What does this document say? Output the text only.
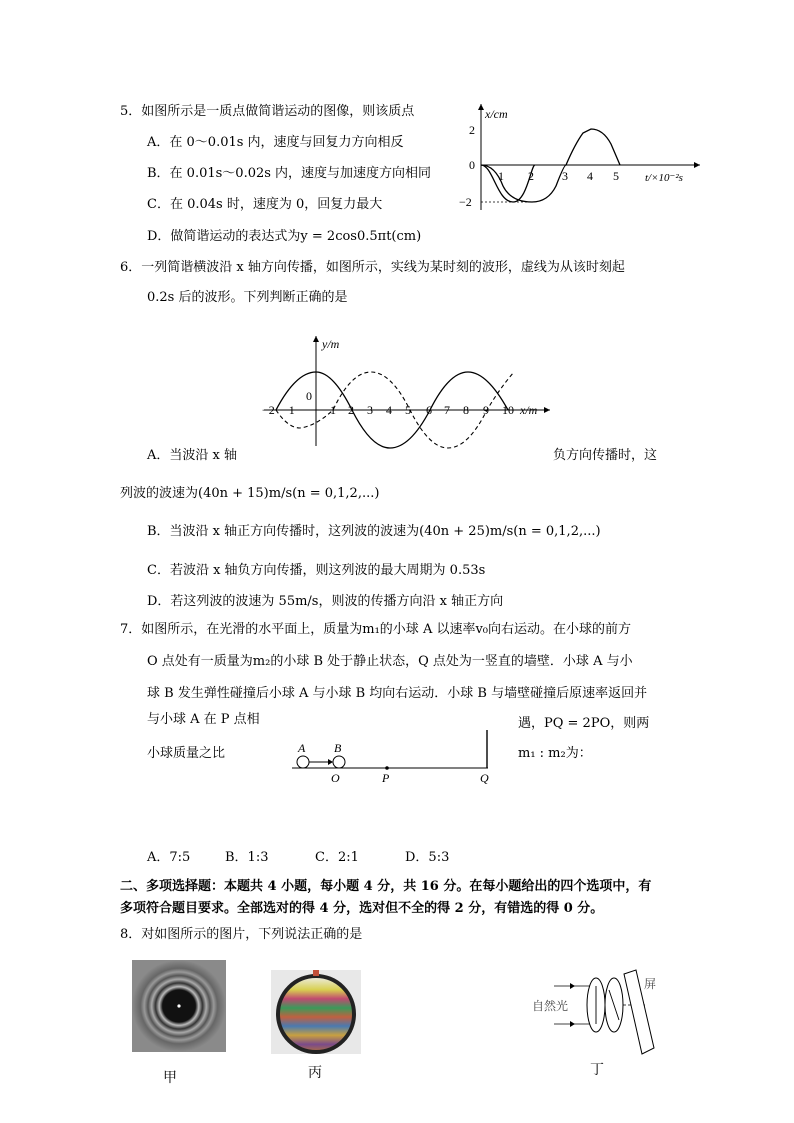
5．如图所示是一质点做简谐运动的图像，则该质点
A．在 0～0.01s 内，速度与回复力方向相反
B．在 0.01s～0.02s 内，速度与加速度方向相同
C．在 0.04s 时，速度为 0，回复力最大
D．做简谐运动的表达式为y = 2cos0.5πt(cm)
x/cm
t/×10⁻²s
2
0
−2
1 2 3 4 5
6．一列简谐横波沿 x 轴方向传播，如图所示，实线为某时刻的波形，虚线为从该时刻起
0.2s 后的波形。下列判断正确的是
y/m
0
x/m
−2 −1	1 2 3 4 5 6 7 8 9 10
A．当波沿 x 轴	负方向传播时，这
列波的波速为(40n + 15)m/s(n = 0,1,2,...)
B．当波沿 x 轴正方向传播时，这列波的波速为(40n + 25)m/s(n = 0,1,2,...)
C．若波沿 x 轴负方向传播，则这列波的最大周期为 0.53s
D．若这列波的波速为 55m/s，则波的传播方向沿 x 轴正方向
7．如图所示，在光滑的水平面上，质量为m₁的小球 A 以速率v₀向右运动。在小球的前方
O 点处有一质量为m₂的小球 B 处于静止状态，Q 点处为一竖直的墙壁．小球 A 与小
球 B 发生弹性碰撞后小球 A 与小球 B 均向右运动．小球 B 与墙壁碰撞后原速率返回并
与小球 A 在 P 点相	遇，PQ = 2PO，则两
小球质量之比	m₁ : m₂为：
A B
O	P	Q
A．7:5	B．1:3	C．2:1	D．5:3
二、多项选择题：本题共 4 小题，每小题 4 分，共 16 分。在每小题给出的四个选项中，有
多项符合题目要求。全部选对的得 4 分，选对但不全的得 2 分，有错选的得 0 分。
8．对如图所示的图片，下列说法正确的是
甲	丙
自然光
屏
丁
